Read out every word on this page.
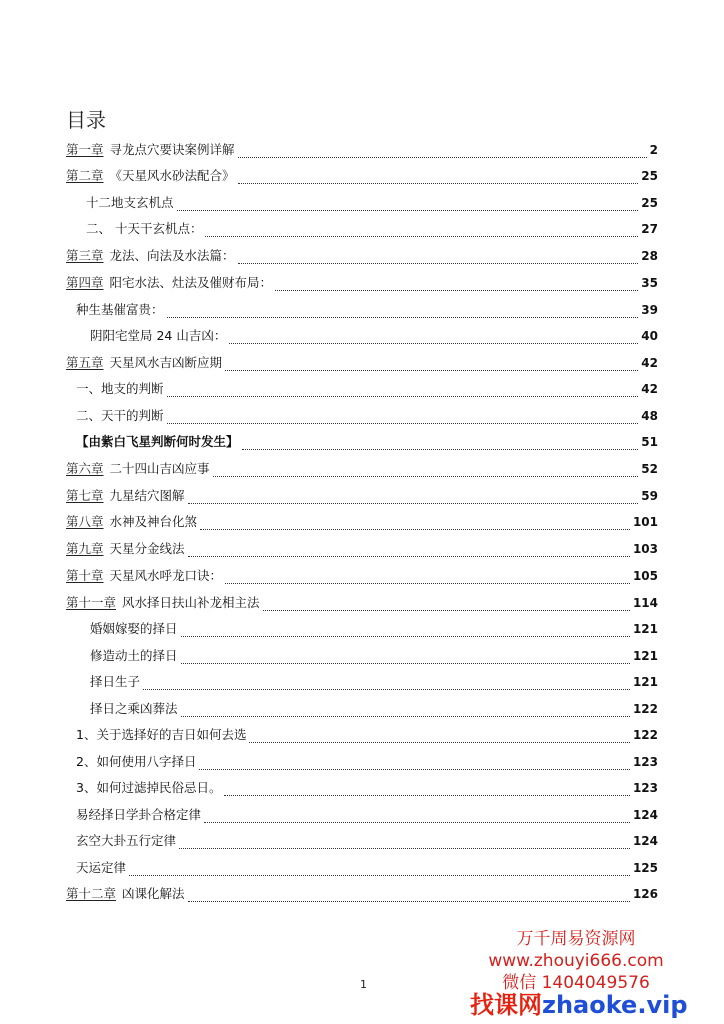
目录
第一章 寻龙点穴要诀案例详解	2
第二章 《天星风水砂法配合》	25
十二地支玄机点	25
二、 十天干玄机点：	27
第三章 龙法、向法及水法篇：	28
第四章 阳宅水法、灶法及催财布局：	35
种生基催富贵：	39
阴阳宅堂局 24 山吉凶：	40
第五章 天星风水吉凶断应期	42
一、地支的判断	42
二、天干的判断	48
【由紫白飞星判断何时发生】	51
第六章 二十四山吉凶应事	52
第七章 九星结穴图解	59
第八章 水神及神台化煞	101
第九章 天星分金线法	103
第十章 天星风水呼龙口诀：	105
第十一章 风水择日扶山补龙相主法	114
婚姻嫁娶的择日	121
修造动土的择日	121
择日生子	121
择日之乘凶葬法	122
1、关于选择好的吉日如何去选	122
2、如何使用八字择日	123
3、如何过滤掉民俗忌日。	123
易经择日学卦合格定律	124
玄空大卦五行定律	124
天运定律	125
第十二章 凶课化解法	126
万千周易资源网
www.zhouyi666.com
微信 1404049576
1
找课网zhaoke.vip
